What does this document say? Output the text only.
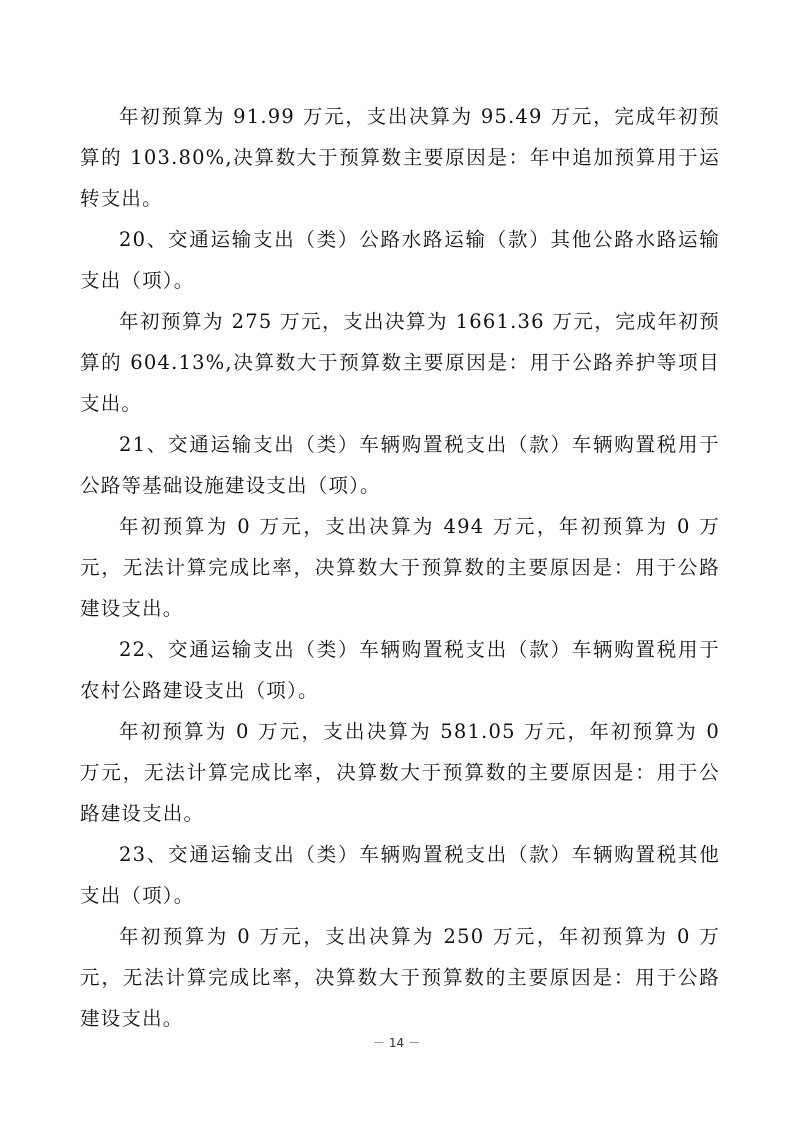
年初预算为 91.99 万元，支出决算为 95.49 万元，完成年初预算的 103.80%,决算数大于预算数主要原因是：年中追加预算用于运转支出。

20、交通运输支出（类）公路水路运输（款）其他公路水路运输支出（项）。

年初预算为 275 万元，支出决算为 1661.36 万元，完成年初预算的 604.13%,决算数大于预算数主要原因是：用于公路养护等项目支出。

21、交通运输支出（类）车辆购置税支出（款）车辆购置税用于公路等基础设施建设支出（项）。

年初预算为 0 万元，支出决算为 494 万元，年初预算为 0 万元，无法计算完成比率，决算数大于预算数的主要原因是：用于公路建设支出。

22、交通运输支出（类）车辆购置税支出（款）车辆购置税用于农村公路建设支出（项）。

年初预算为 0 万元，支出决算为 581.05 万元，年初预算为 0 万元，无法计算完成比率，决算数大于预算数的主要原因是：用于公路建设支出。

23、交通运输支出（类）车辆购置税支出（款）车辆购置税其他支出（项）。

年初预算为 0 万元，支出决算为 250 万元，年初预算为 0 万元，无法计算完成比率，决算数大于预算数的主要原因是：用于公路建设支出。

－ 14 －
